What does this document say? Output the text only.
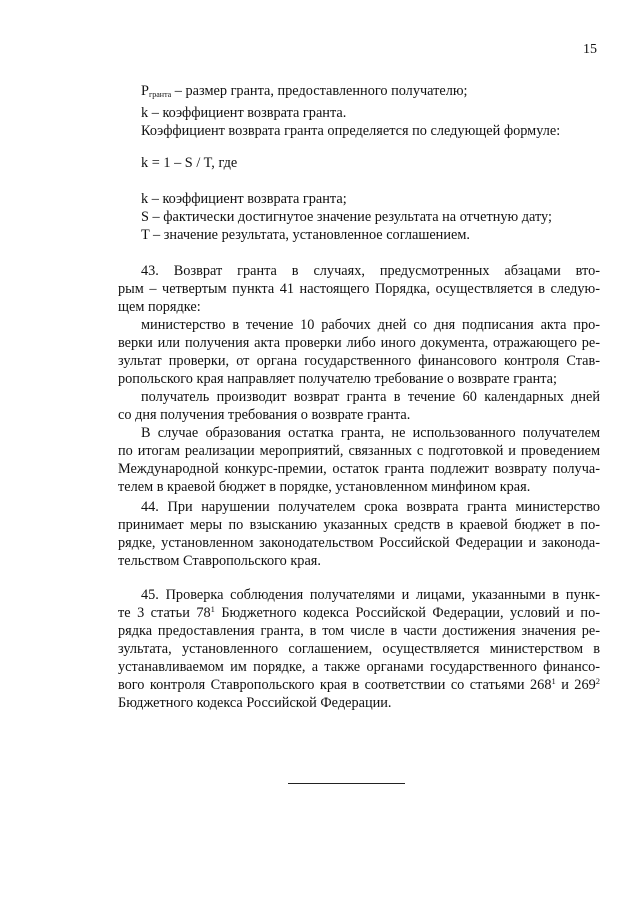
15
$P_{гранта}$ – размер гранта, предоставленного получателю;
k – коэффициент возврата гранта.
Коэффициент возврата гранта определяется по следующей формуле:
k = 1 – S / T, где
k – коэффициент возврата гранта;
S – фактически достигнутое значение результата на отчетную дату;
T – значение результата, установленное соглашением.
43. Возврат гранта в случаях, предусмотренных абзацами вто-
рым – четвертым пункта 41 настоящего Порядка, осуществляется в следую-
щем порядке:
министерство в течение 10 рабочих дней со дня подписания акта про-
верки или получения акта проверки либо иного документа, отражающего ре-
зультат проверки, от органа государственного финансового контроля Став-
ропольского края направляет получателю требование о возврате гранта;
получатель производит возврат гранта в течение 60 календарных дней
со дня получения требования о возврате гранта.
В случае образования остатка гранта, не использованного получателем
по итогам реализации мероприятий, связанных с подготовкой и проведением
Международной конкурс-премии, остаток гранта подлежит возврату получа-
телем в краевой бюджет в порядке, установленном минфином края.
44. При нарушении получателем срока возврата гранта министерство
принимает меры по взысканию указанных средств в краевой бюджет в по-
рядке, установленном законодательством Российской Федерации и законода-
тельством Ставропольского края.
45. Проверка соблюдения получателями и лицами, указанными в пунк-
те 3 статьи $78^1$ Бюджетного кодекса Российской Федерации, условий и по-
рядка предоставления гранта, в том числе в части достижения значения ре-
зультата, установленного соглашением, осуществляется министерством в
устанавливаемом им порядке, а также органами государственного финансо-
вого контроля Ставропольского края в соответствии со статьями $268^1$ и $269^2$
Бюджетного кодекса Российской Федерации.
